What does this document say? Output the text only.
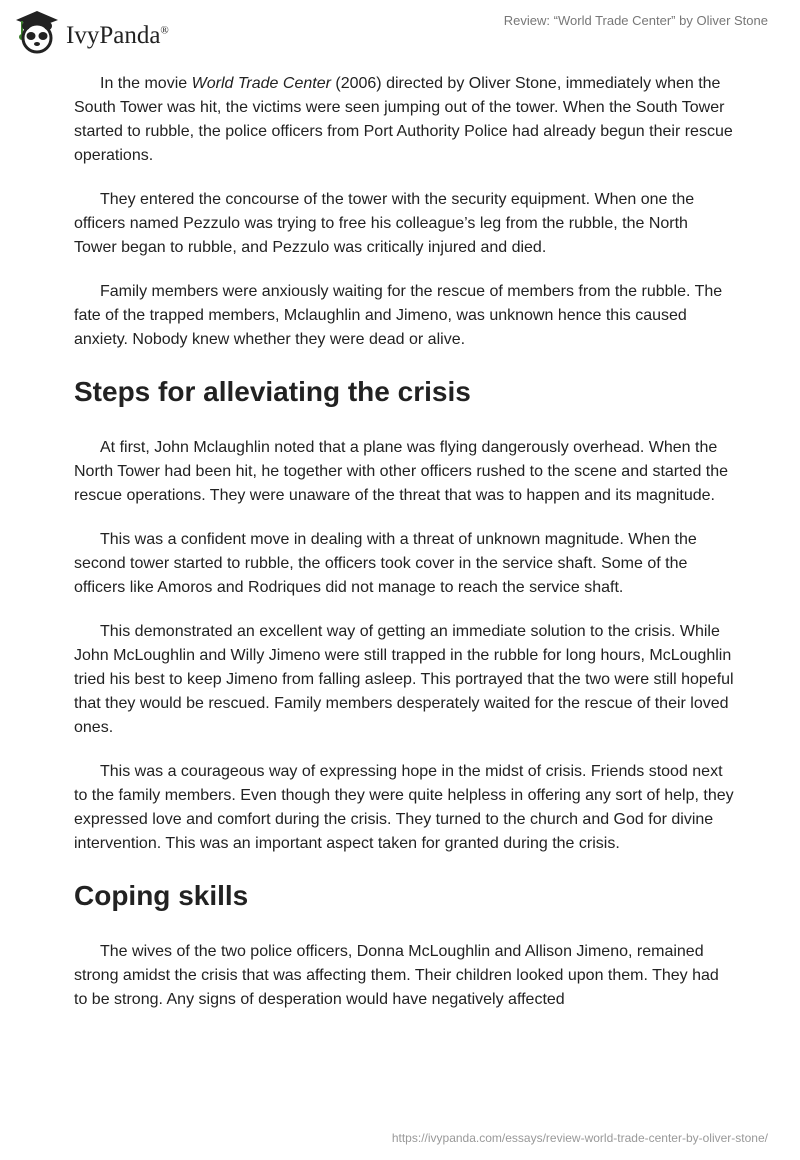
IvyPanda®
Review: “World Trade Center” by Oliver Stone

In the movie World Trade Center (2006) directed by Oliver Stone, immediately when the South Tower was hit, the victims were seen jumping out of the tower. When the South Tower started to rubble, the police officers from Port Authority Police had already begun their rescue operations.

They entered the concourse of the tower with the security equipment. When one the officers named Pezzulo was trying to free his colleague’s leg from the rubble, the North Tower began to rubble, and Pezzulo was critically injured and died.

Family members were anxiously waiting for the rescue of members from the rubble. The fate of the trapped members, Mclaughlin and Jimeno, was unknown hence this caused anxiety. Nobody knew whether they were dead or alive.

Steps for alleviating the crisis

At first, John Mclaughlin noted that a plane was flying dangerously overhead. When the North Tower had been hit, he together with other officers rushed to the scene and started the rescue operations. They were unaware of the threat that was to happen and its magnitude.

This was a confident move in dealing with a threat of unknown magnitude. When the second tower started to rubble, the officers took cover in the service shaft. Some of the officers like Amoros and Rodriques did not manage to reach the service shaft.

This demonstrated an excellent way of getting an immediate solution to the crisis. While John McLoughlin and Willy Jimeno were still trapped in the rubble for long hours, McLoughlin tried his best to keep Jimeno from falling asleep. This portrayed that the two were still hopeful that they would be rescued. Family members desperately waited for the rescue of their loved ones.

This was a courageous way of expressing hope in the midst of crisis. Friends stood next to the family members. Even though they were quite helpless in offering any sort of help, they expressed love and comfort during the crisis. They turned to the church and God for divine intervention. This was an important aspect taken for granted during the crisis.

Coping skills

The wives of the two police officers, Donna McLoughlin and Allison Jimeno, remained strong amidst the crisis that was affecting them. Their children looked upon them. They had to be strong. Any signs of desperation would have negatively affected

https://ivypanda.com/essays/review-world-trade-center-by-oliver-stone/
